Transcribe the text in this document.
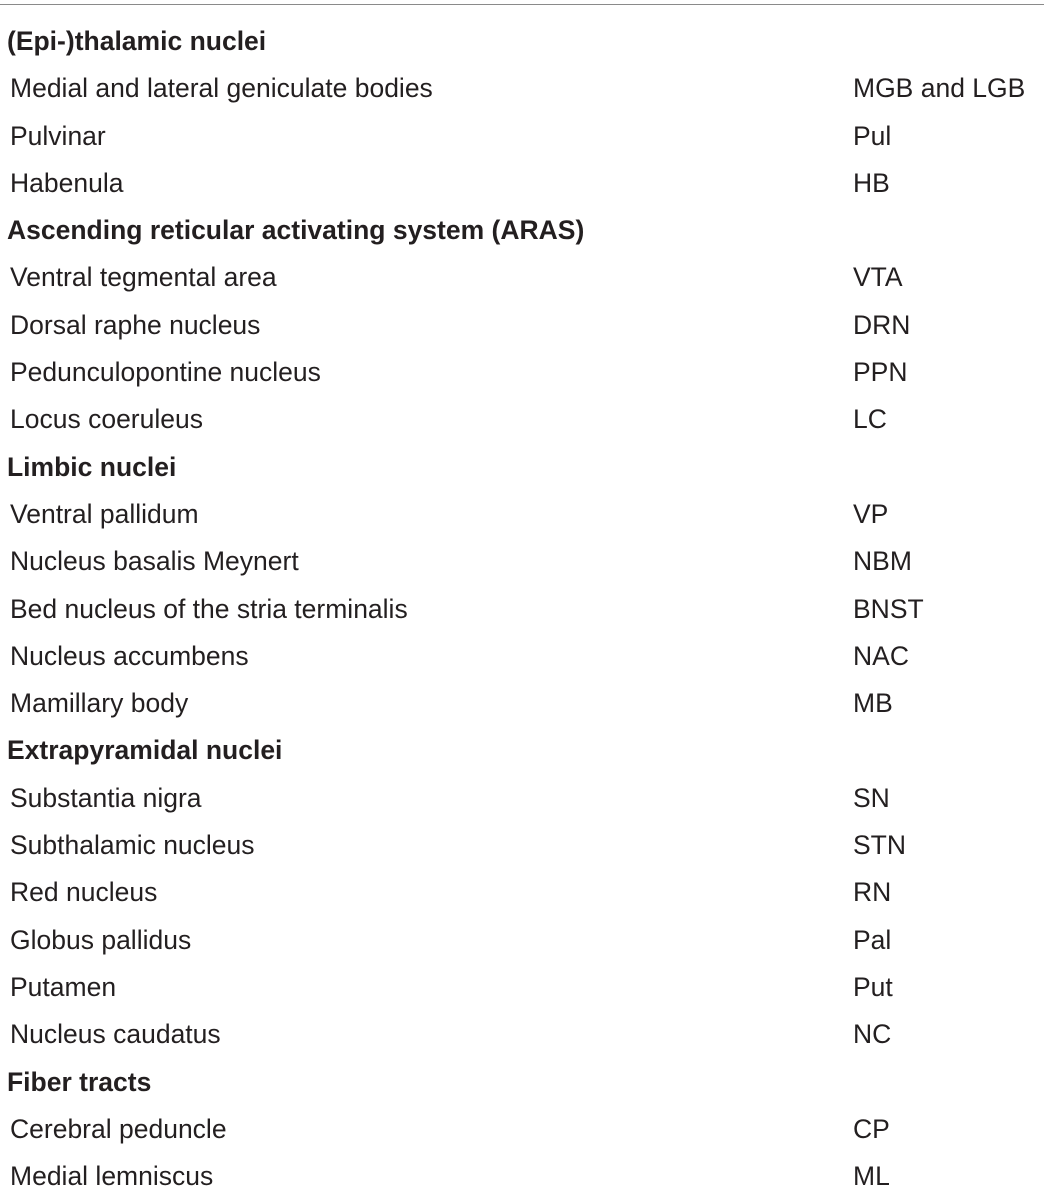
(Epi-)thalamic nuclei
Medial and lateral geniculate bodies	MGB and LGB
Pulvinar	Pul
Habenula	HB
Ascending reticular activating system (ARAS)
Ventral tegmental area	VTA
Dorsal raphe nucleus	DRN
Pedunculopontine nucleus	PPN
Locus coeruleus	LC
Limbic nuclei
Ventral pallidum	VP
Nucleus basalis Meynert	NBM
Bed nucleus of the stria terminalis	BNST
Nucleus accumbens	NAC
Mamillary body	MB
Extrapyramidal nuclei
Substantia nigra	SN
Subthalamic nucleus	STN
Red nucleus	RN
Globus pallidus	Pal
Putamen	Put
Nucleus caudatus	NC
Fiber tracts
Cerebral peduncle	CP
Medial lemniscus	ML
